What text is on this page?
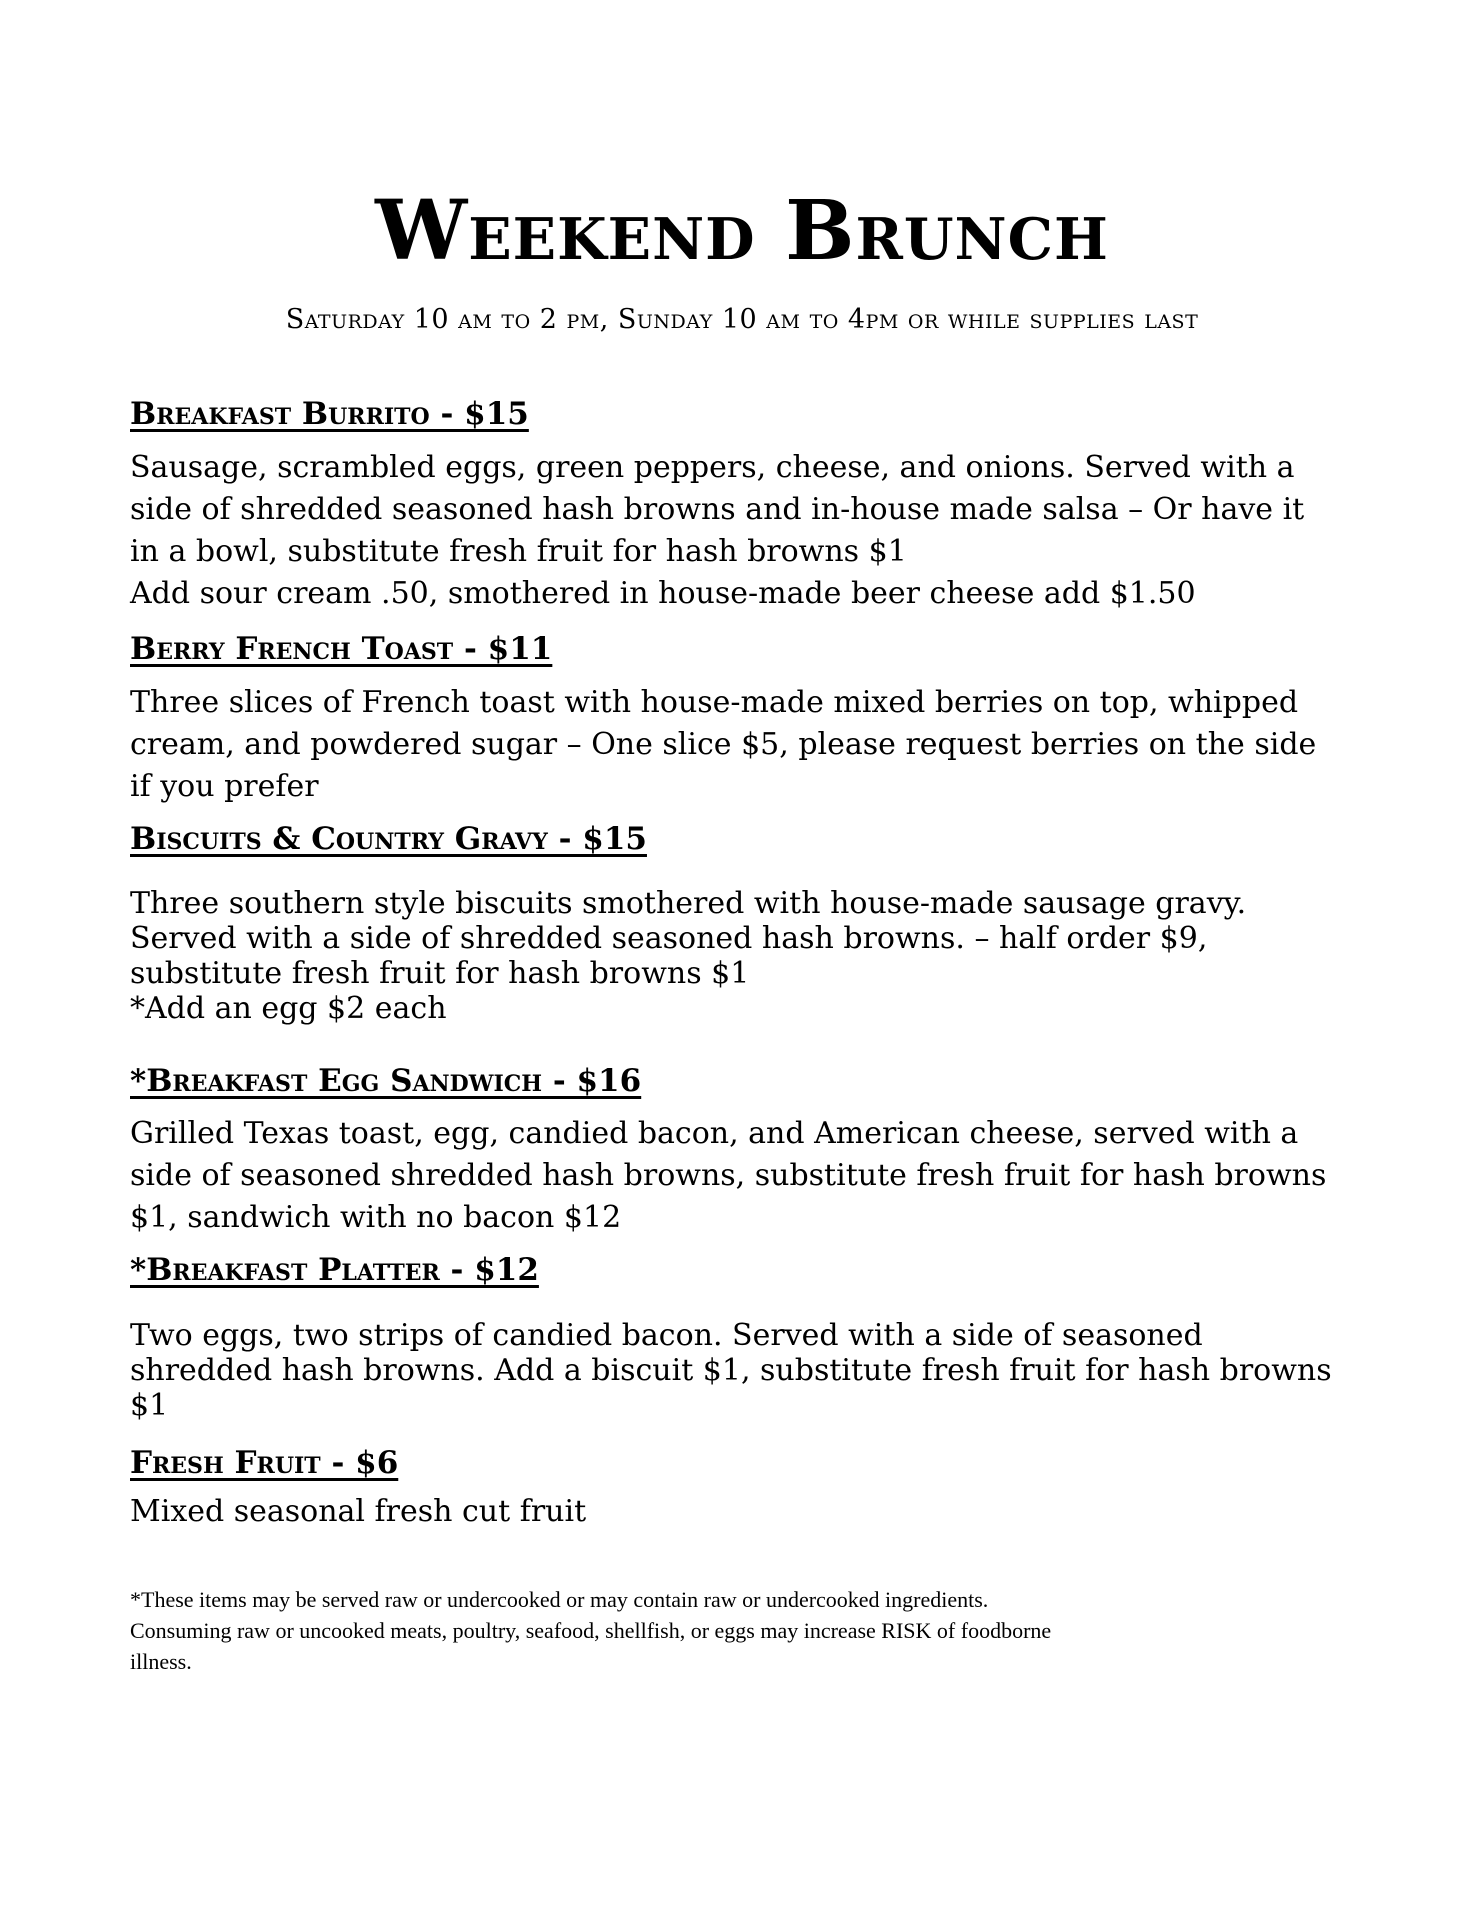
Weekend Brunch
Saturday 10 am to 2 pm, Sunday 10 am to 4pm or while supplies last
Breakfast Burrito - $15
Sausage, scrambled eggs, green peppers, cheese, and onions. Served with a
side of shredded seasoned hash browns and in-house made salsa – Or have it
in a bowl, substitute fresh fruit for hash browns $1
Add sour cream .50, smothered in house-made beer cheese add $1.50
Berry French Toast - $11
Three slices of French toast with house-made mixed berries on top, whipped
cream, and powdered sugar – One slice $5, please request berries on the side
if you prefer
Biscuits & Country Gravy - $15
Three southern style biscuits smothered with house-made sausage gravy.
Served with a side of shredded seasoned hash browns. – half order $9,
substitute fresh fruit for hash browns $1
*Add an egg $2 each
*Breakfast Egg Sandwich - $16
Grilled Texas toast, egg, candied bacon, and American cheese, served with a
side of seasoned shredded hash browns, substitute fresh fruit for hash browns
$1, sandwich with no bacon $12
*Breakfast Platter - $12
Two eggs, two strips of candied bacon. Served with a side of seasoned
shredded hash browns. Add a biscuit $1, substitute fresh fruit for hash browns
$1
Fresh Fruit - $6
Mixed seasonal fresh cut fruit
*These items may be served raw or undercooked or may contain raw or undercooked ingredients.
Consuming raw or uncooked meats, poultry, seafood, shellfish, or eggs may increase RISK of foodborne
illness.
